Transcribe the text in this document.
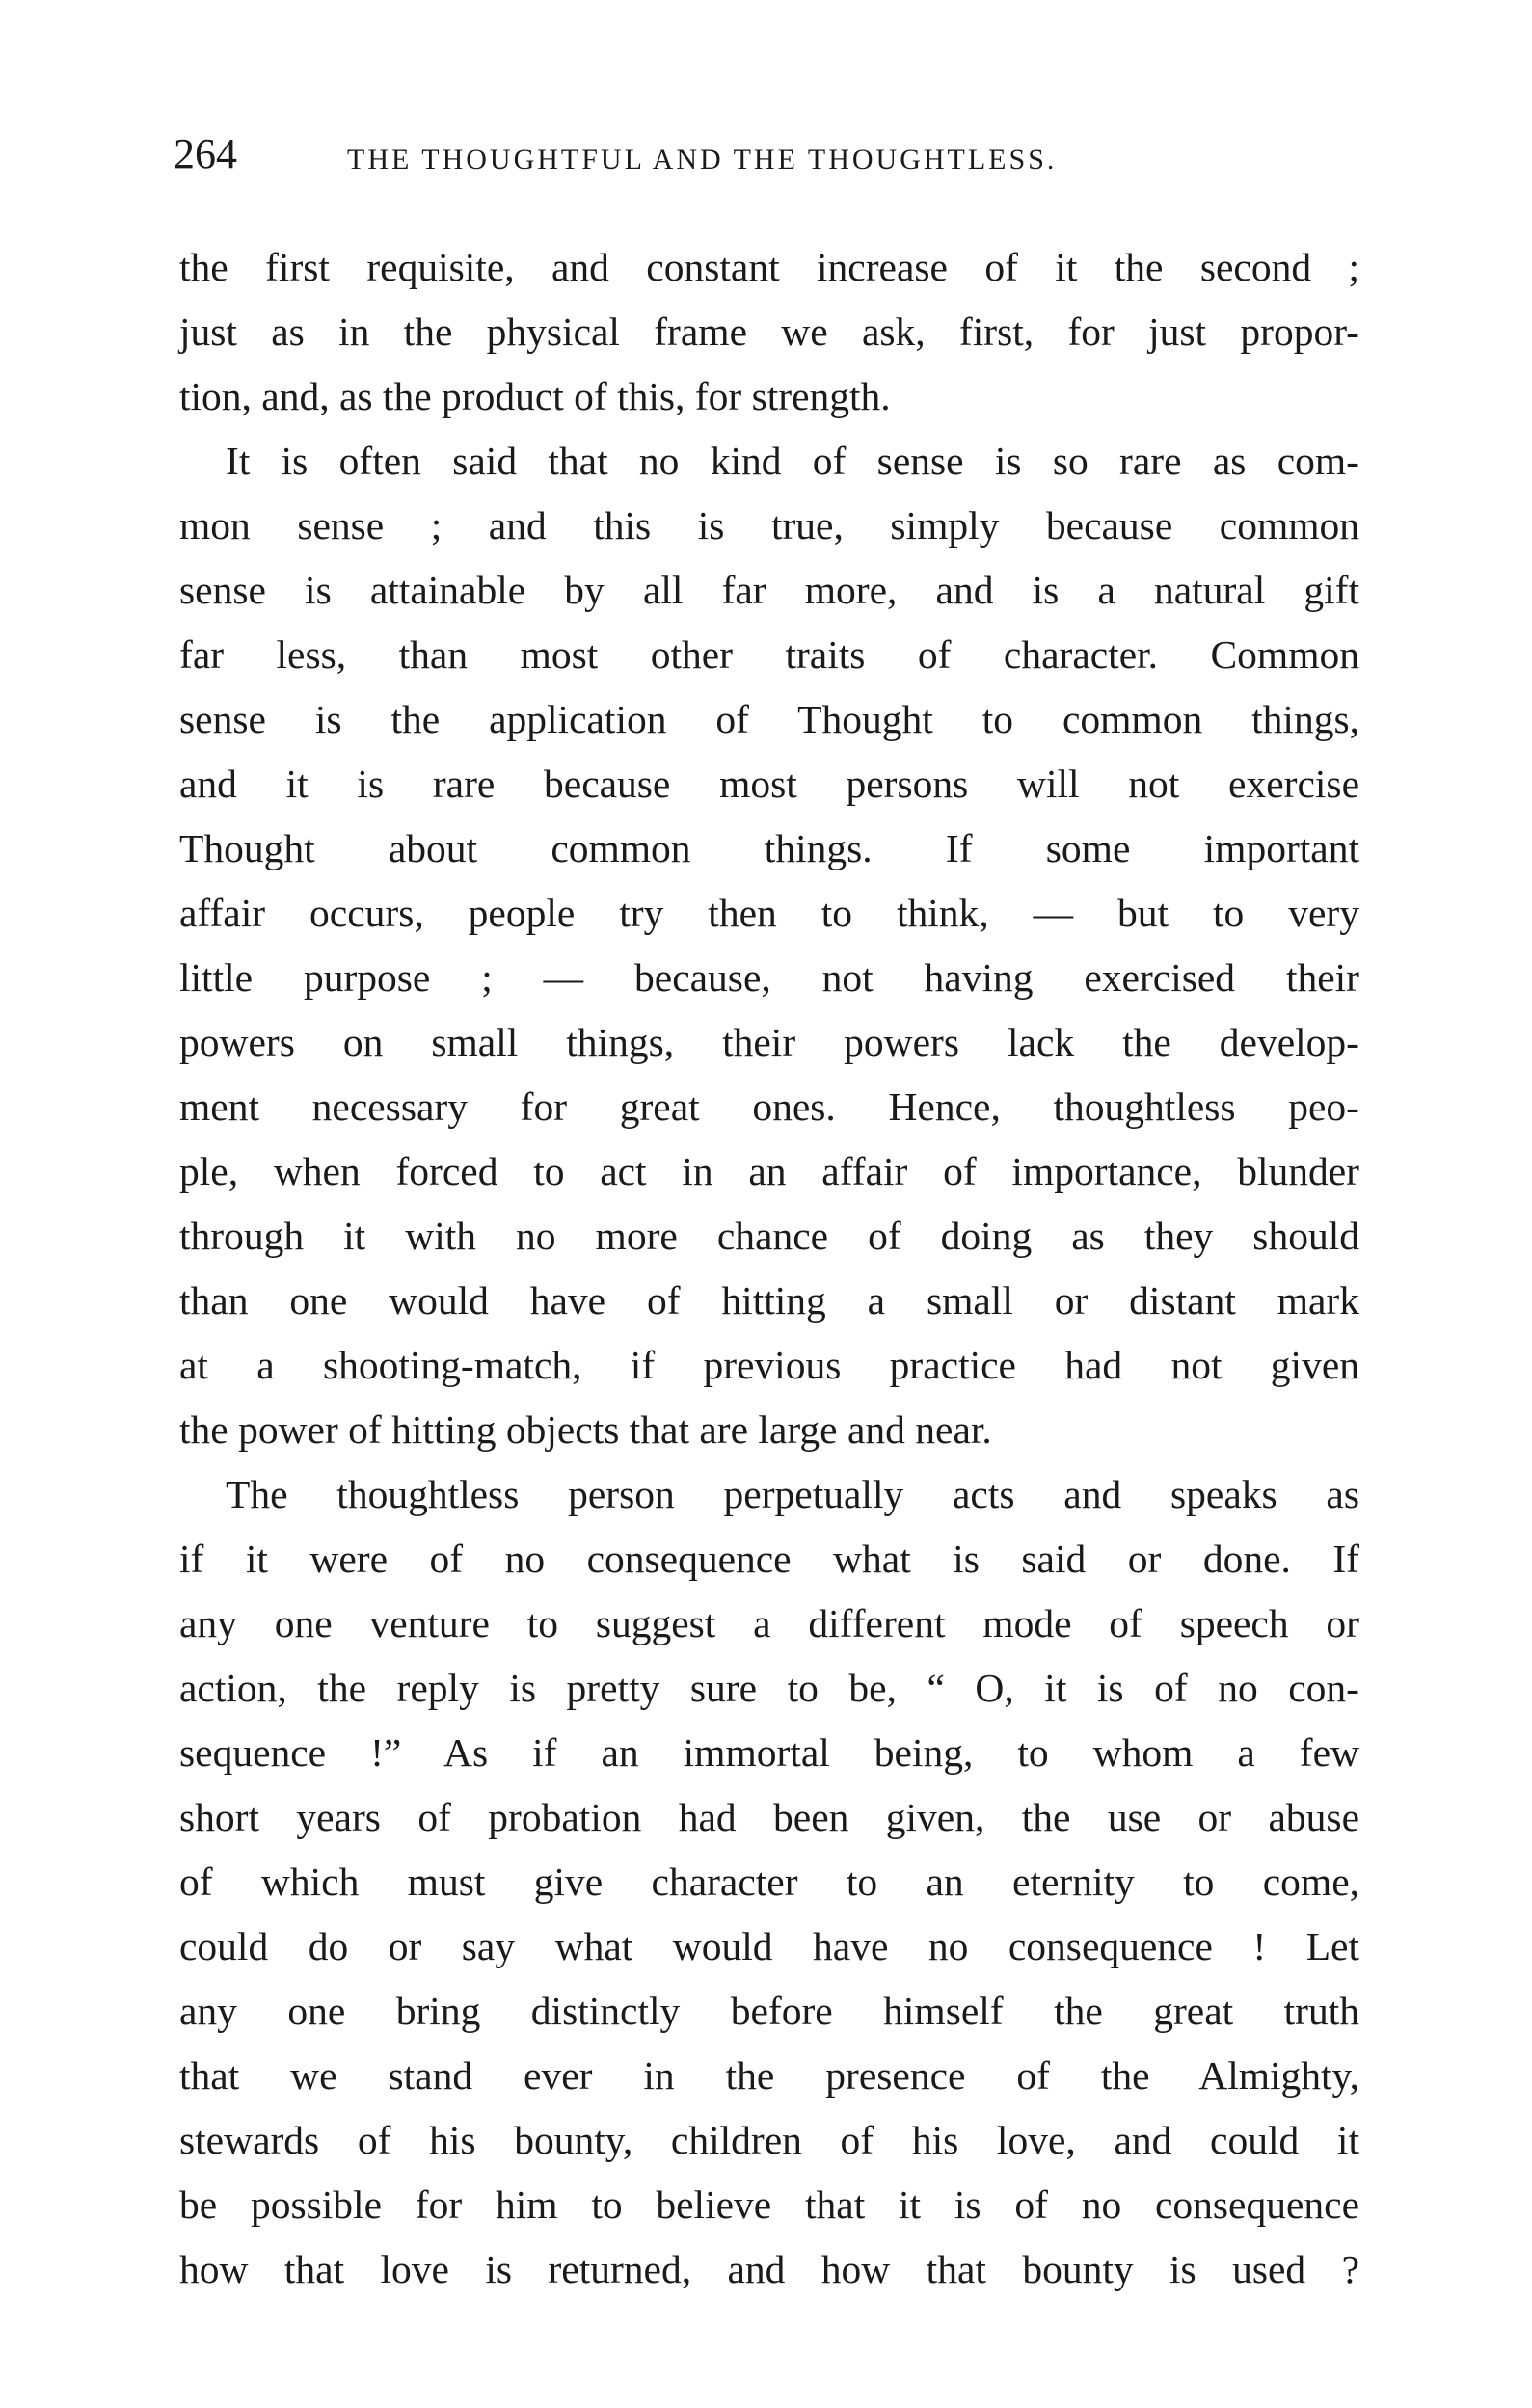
264	THE THOUGHTFUL AND THE THOUGHTLESS.
the first requisite, and constant increase of it the second ;
just as in the physical frame we ask, first, for just propor-
tion, and, as the product of this, for strength.
It is often said that no kind of sense is so rare as com-
mon sense ; and this is true, simply because common
sense is attainable by all far more, and is a natural gift
far less, than most other traits of character. Common
sense is the application of Thought to common things,
and it is rare because most persons will not exercise
Thought about common things. If some important
affair occurs, people try then to think, — but to very
little purpose ; — because, not having exercised their
powers on small things, their powers lack the develop-
ment necessary for great ones. Hence, thoughtless peo-
ple, when forced to act in an affair of importance, blunder
through it with no more chance of doing as they should
than one would have of hitting a small or distant mark
at a shooting-match, if previous practice had not given
the power of hitting objects that are large and near.
The thoughtless person perpetually acts and speaks as
if it were of no consequence what is said or done. If
any one venture to suggest a different mode of speech or
action, the reply is pretty sure to be, “ O, it is of no con-
sequence !” As if an immortal being, to whom a few
short years of probation had been given, the use or abuse
of which must give character to an eternity to come,
could do or say what would have no consequence ! Let
any one bring distinctly before himself the great truth
that we stand ever in the presence of the Almighty,
stewards of his bounty, children of his love, and could it
be possible for him to believe that it is of no consequence
how that love is returned, and how that bounty is used ?
